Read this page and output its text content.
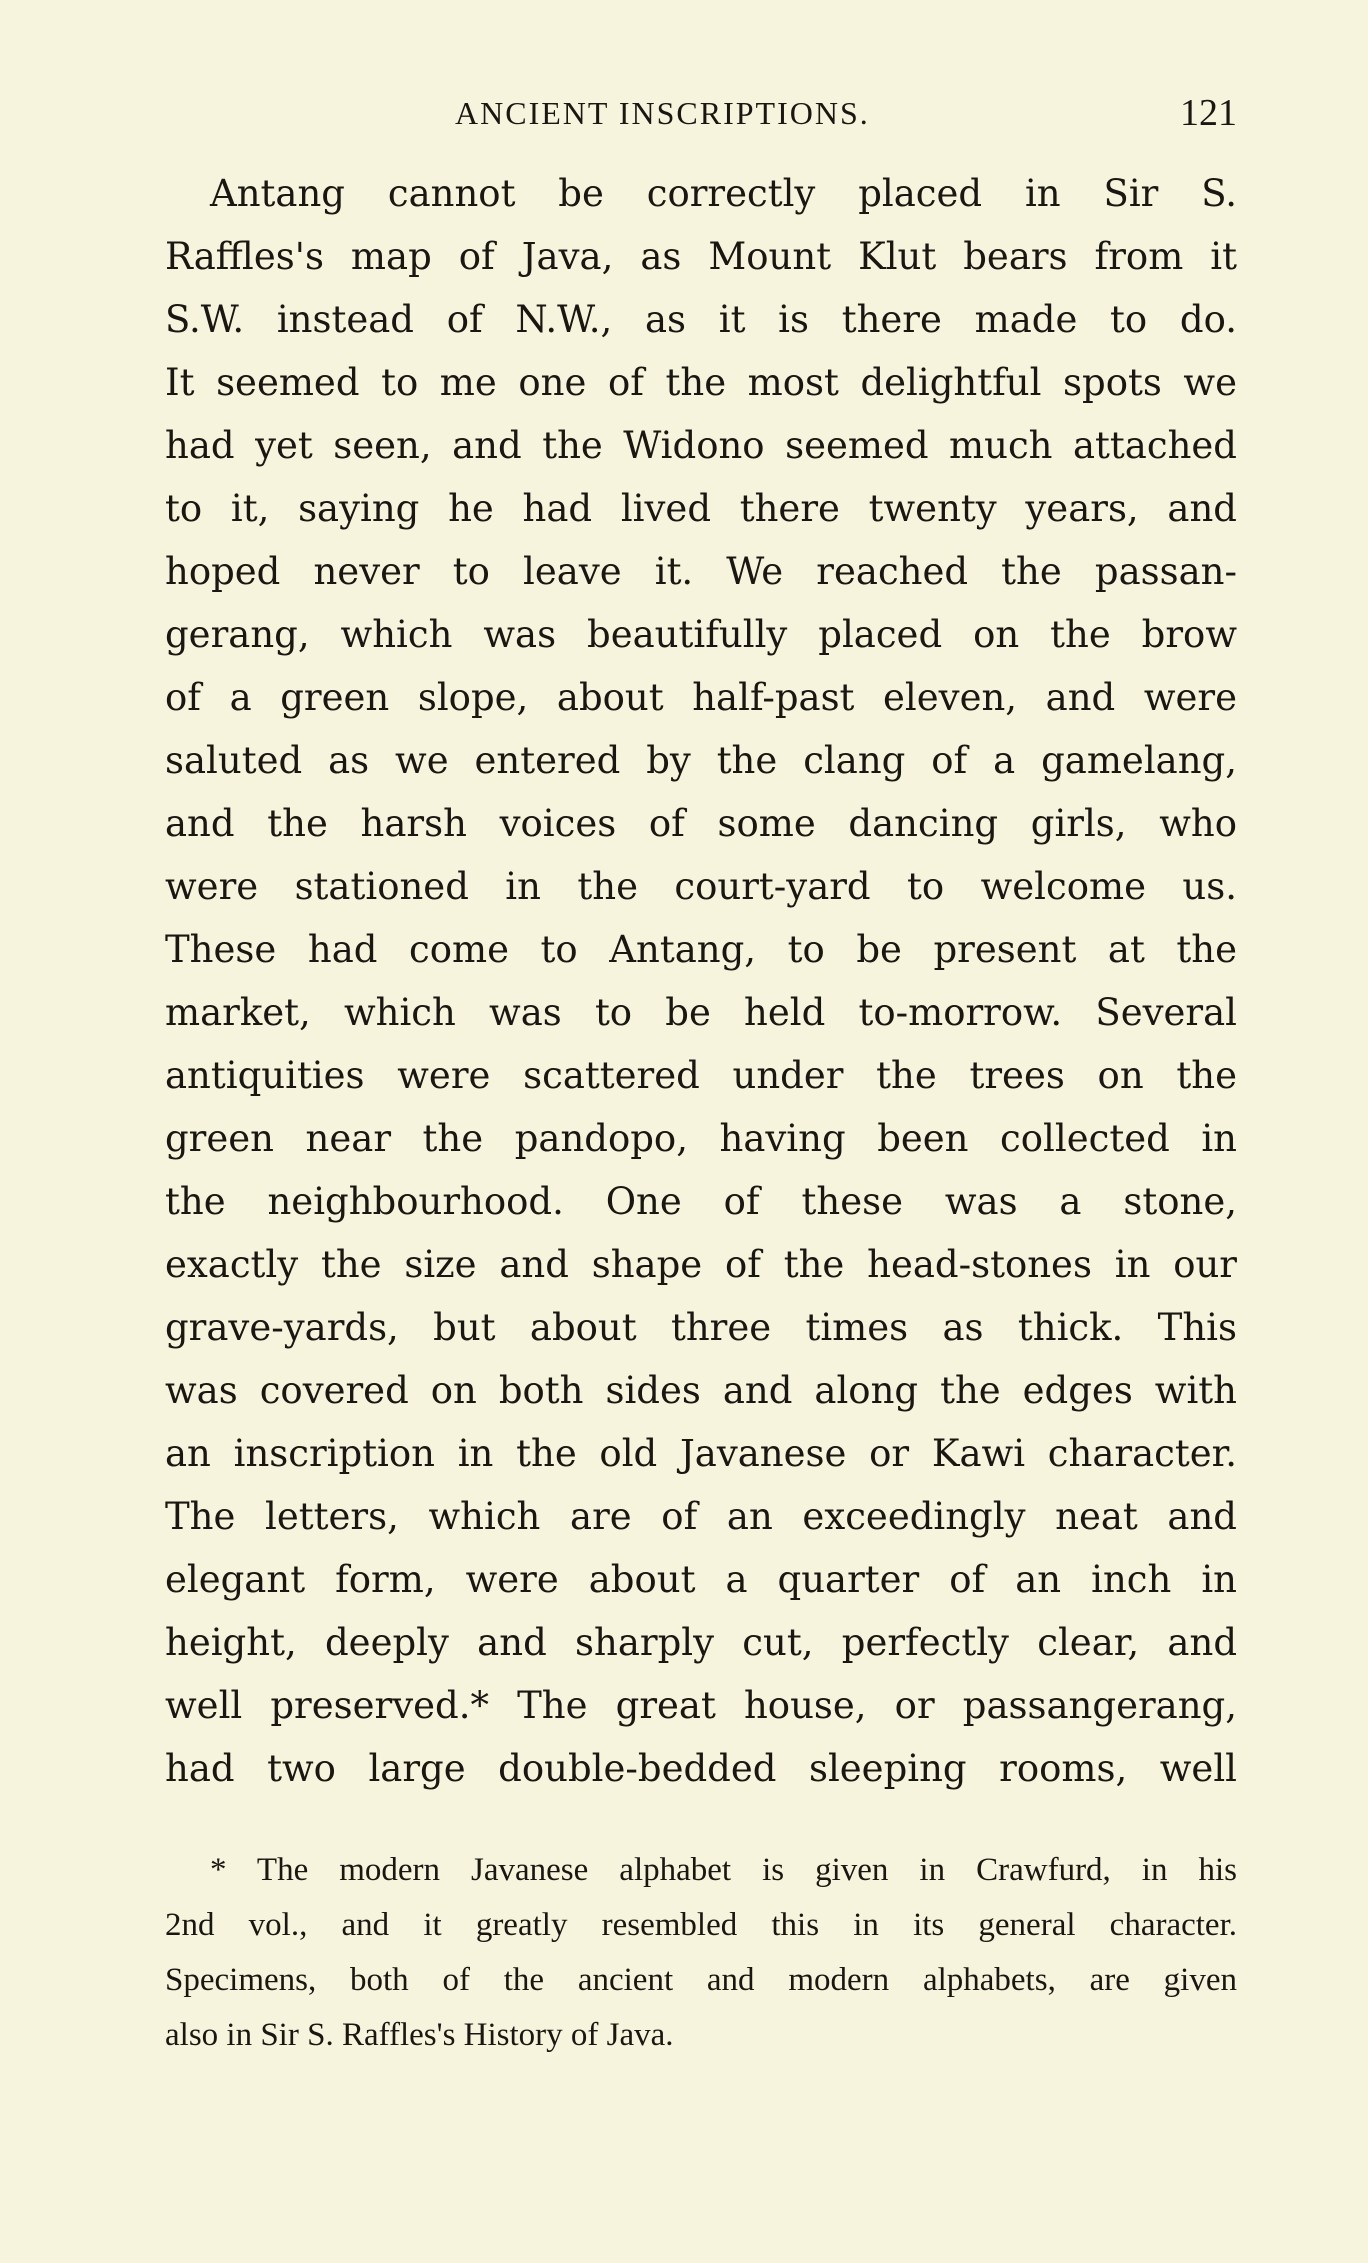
ANCIENT INSCRIPTIONS.	121
Antang cannot be correctly placed in Sir S.
Raffles's map of Java, as Mount Klut bears from it
S.W. instead of N.W., as it is there made to do.
It seemed to me one of the most delightful spots we
had yet seen, and the Widono seemed much attached
to it, saying he had lived there twenty years, and
hoped never to leave it. We reached the passan-
gerang, which was beautifully placed on the brow
of a green slope, about half-past eleven, and were
saluted as we entered by the clang of a gamelang,
and the harsh voices of some dancing girls, who
were stationed in the court-yard to welcome us.
These had come to Antang, to be present at the
market, which was to be held to-morrow. Several
antiquities were scattered under the trees on the
green near the pandopo, having been collected in
the neighbourhood. One of these was a stone,
exactly the size and shape of the head-stones in our
grave-yards, but about three times as thick. This
was covered on both sides and along the edges with
an inscription in the old Javanese or Kawi character.
The letters, which are of an exceedingly neat and
elegant form, were about a quarter of an inch in
height, deeply and sharply cut, perfectly clear, and
well preserved.* The great house, or passangerang,
had two large double-bedded sleeping rooms, well
* The modern Javanese alphabet is given in Crawfurd, in his
2nd vol., and it greatly resembled this in its general character.
Specimens, both of the ancient and modern alphabets, are given
also in Sir S. Raffles's History of Java.
